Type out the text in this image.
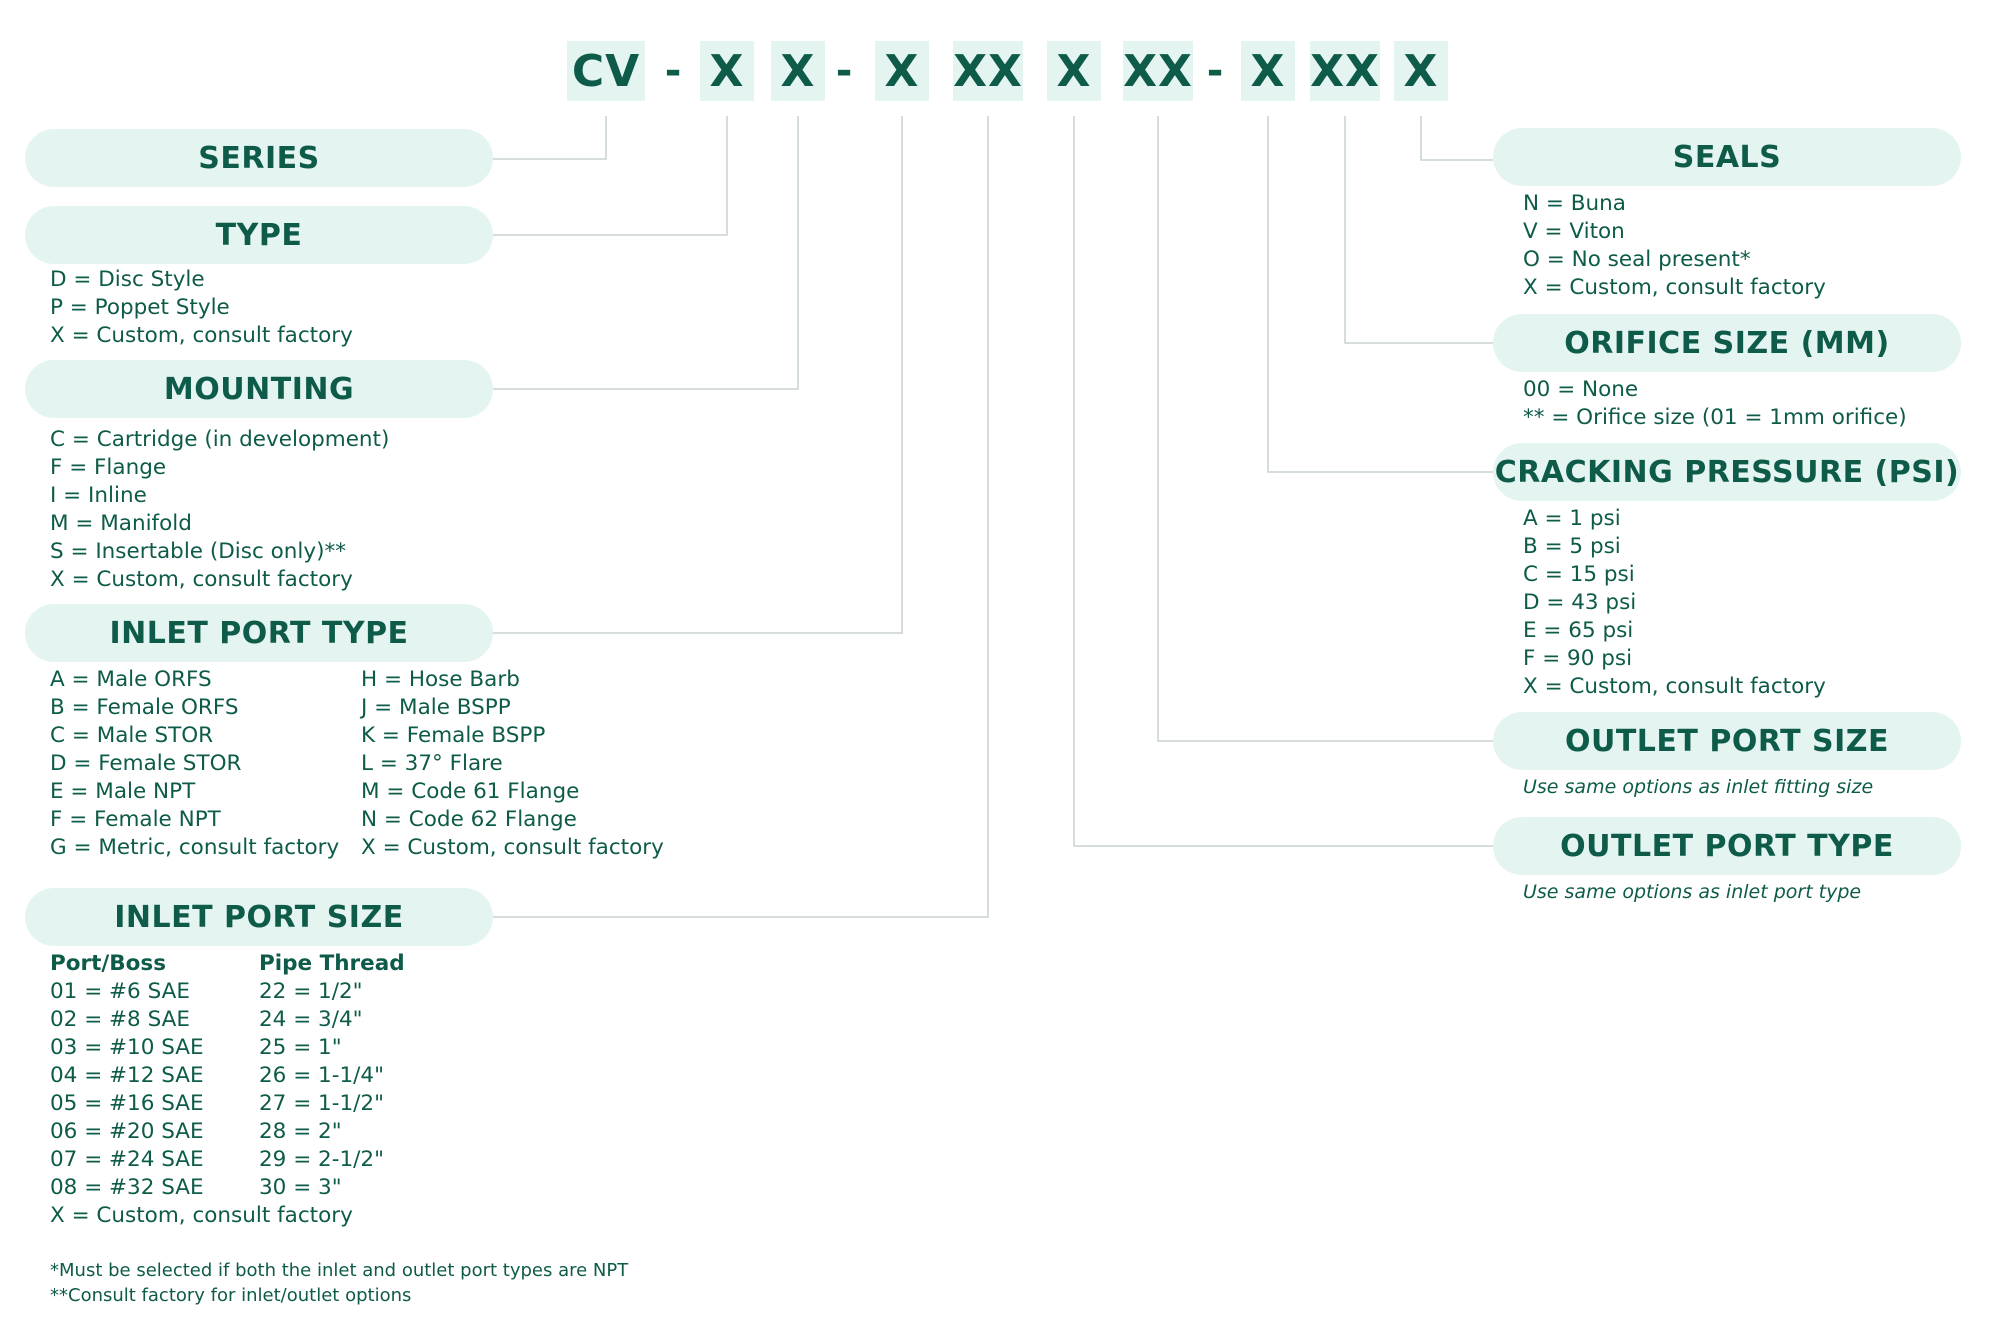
CV - X X - X XX X XX - X XX X
SERIES
TYPE
D = Disc Style
P = Poppet Style
X = Custom, consult factory
MOUNTING
C = Cartridge (in development)
F = Flange
I = Inline
M = Manifold
S = Insertable (Disc only)**
X = Custom, consult factory
INLET PORT TYPE
A = Male ORFS
B = Female ORFS
C = Male STOR
D = Female STOR
E = Male NPT
F = Female NPT
G = Metric, consult factory
H = Hose Barb
J = Male BSPP
K = Female BSPP
L = 37° Flare
M = Code 61 Flange
N = Code 62 Flange
X = Custom, consult factory
INLET PORT SIZE
Port/Boss
01 = #6 SAE
02 = #8 SAE
03 = #10 SAE
04 = #12 SAE
05 = #16 SAE
06 = #20 SAE
07 = #24 SAE
08 = #32 SAE
X = Custom, consult factory
Pipe Thread
22 = 1/2"
24 = 3/4"
25 = 1"
26 = 1-1/4"
27 = 1-1/2"
28 = 2"
29 = 2-1/2"
30 = 3"
*Must be selected if both the inlet and outlet port types are NPT
**Consult factory for inlet/outlet options
SEALS
N = Buna
V = Viton
O = No seal present*
X = Custom, consult factory
ORIFICE SIZE (MM)
00 = None
** = Orifice size (01 = 1mm orifice)
CRACKING PRESSURE (PSI)
A = 1 psi
B = 5 psi
C = 15 psi
D = 43 psi
E = 65 psi
F = 90 psi
X = Custom, consult factory
OUTLET PORT SIZE
Use same options as inlet fitting size
OUTLET PORT TYPE
Use same options as inlet port type
